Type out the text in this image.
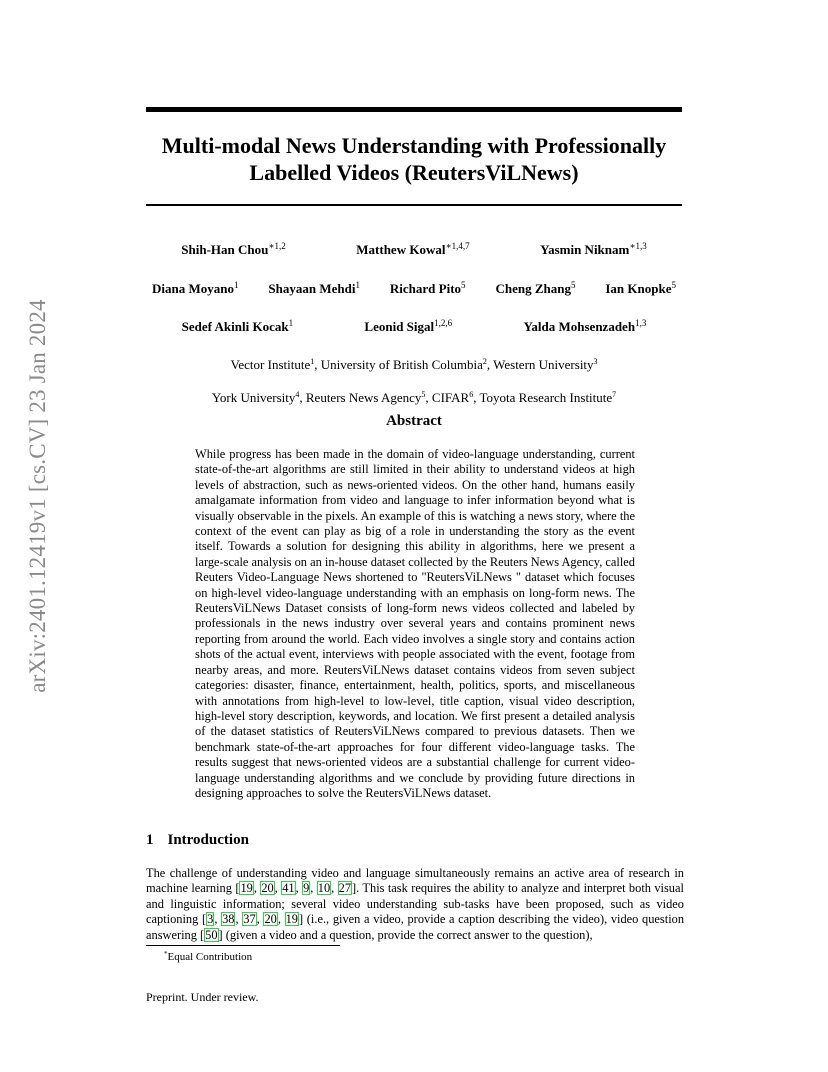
arXiv:2401.12419v1 [cs.CV] 23 Jan 2024
Multi-modal News Understanding with Professionally
Labelled Videos (ReutersViLNews)
Shih-Han Chou$^{∗1,2}$	Matthew Kowal$^{∗1,4,7}$	Yasmin Niknam$^{∗1,3}$
Diana Moyano$^1$ Shayaan Mehdi$^1$ Richard Pito$^5$ Cheng Zhang$^5$ Ian Knopke$^5$
Sedef Akinli Kocak$^1$	Leonid Sigal$^{1,2,6}$	Yalda Mohsenzadeh$^{1,3}$
Vector Institute$^1$, University of British Columbia$^2$, Western University$^3$
York University$^4$, Reuters News Agency$^5$, CIFAR$^6$, Toyota Research Institute$^7$
Abstract

While progress has been made in the domain of video-language understanding, current state-of-the-art algorithms are still limited in their ability to understand videos at high levels of abstraction, such as news-oriented videos. On the other hand, humans easily amalgamate information from video and language to infer information beyond what is visually observable in the pixels. An example of this is watching a news story, where the context of the event can play as big of a role in understanding the story as the event itself. Towards a solution for designing this ability in algorithms, here we present a large-scale analysis on an in-house dataset collected by the Reuters News Agency, called Reuters Video-Language News shortened to "ReutersViLNews " dataset which focuses on high-level video-language understanding with an emphasis on long-form news. The ReutersViLNews Dataset consists of long-form news videos collected and labeled by professionals in the news industry over several years and contains prominent news reporting from around the world. Each video involves a single story and contains action shots of the actual event, interviews with people associated with the event, footage from nearby areas, and more. ReutersViLNews dataset contains videos from seven subject categories: disaster, finance, entertainment, health, politics, sports, and miscellaneous with annotations from high-level to low-level, title caption, visual video description, high-level story description, keywords, and location. We first present a detailed analysis of the dataset statistics of ReutersViLNews compared to previous datasets. Then we benchmark state-of-the-art approaches for four different video-language tasks. The results suggest that news-oriented videos are a substantial challenge for current video-language understanding algorithms and we conclude by providing future directions in designing approaches to solve the ReutersViLNews dataset.

1 Introduction

The challenge of understanding video and language simultaneously remains an active area of research in machine learning [19, 20, 41, 9, 10, 27]. This task requires the ability to analyze and interpret both visual and linguistic information; several video understanding sub-tasks have been proposed, such as video captioning [3, 38, 37, 20, 19] (i.e., given a video, provide a caption describing the video), video question answering [50] (given a video and a question, provide the correct answer to the question),

*Equal Contribution
Preprint. Under review.
